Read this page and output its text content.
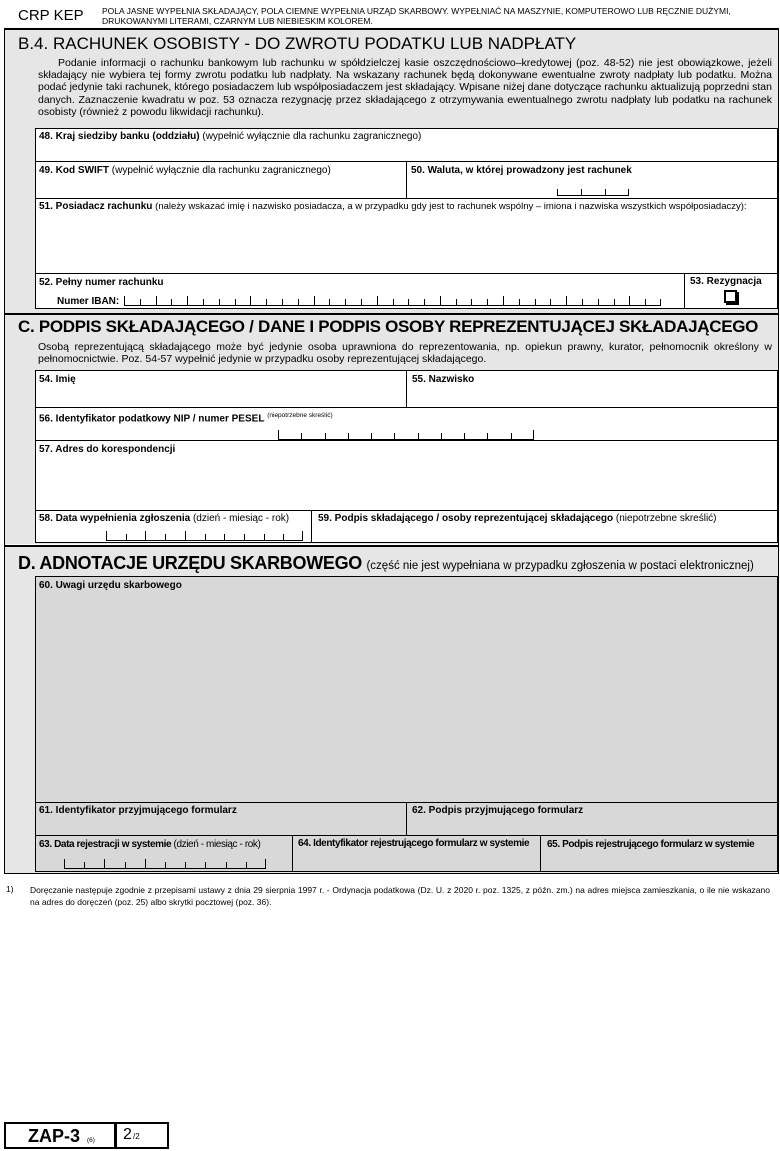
CRP KEP POLA JASNE WYPEŁNIA SKŁADAJĄCY, POLA CIEMNE WYPEŁNIA URZĄD SKARBOWY. WYPEŁNIAĆ NA MASZYNIE, KOMPUTEROWO LUB RĘCZNIE DUŻYMI, DRUKOWANYMI LITERAMI, CZARNYM LUB NIEBIESKIM KOLOREM.
B.4. RACHUNEK OSOBISTY - DO ZWROTU PODATKU LUB NADPŁATY
Podanie informacji o rachunku bankowym lub rachunku w spółdzielczej kasie oszczędnościowo–kredytowej (poz. 48-52) nie jest obowiązkowe, jeżeli składający nie wybiera tej formy zwrotu podatku lub nadpłaty. Na wskazany rachunek będą dokonywane ewentualne zwroty nadpłaty lub podatku. Można podać jedynie taki rachunek, którego posiadaczem lub współposiadaczem jest składający. Wpisane niżej dane dotyczące rachunku aktualizują poprzedni stan danych. Zaznaczenie kwadratu w poz. 53 oznacza rezygnację przez składającego z otrzymywania ewentualnego zwrotu nadpłaty lub podatku na rachunek osobisty (również z powodu likwidacji rachunku).
48. Kraj siedziby banku (oddziału) (wypełnić wyłącznie dla rachunku zagranicznego)
49. Kod SWIFT (wypełnić wyłącznie dla rachunku zagranicznego)	50. Waluta, w której prowadzony jest rachunek
51. Posiadacz rachunku (należy wskazać imię i nazwisko posiadacza, a w przypadku gdy jest to rachunek wspólny – imiona i nazwiska wszystkich współposiadaczy):
52. Pełny numer rachunku
Numer IBAN:
53. Rezygnacja
C. PODPIS SKŁADAJĄCEGO / DANE I PODPIS OSOBY REPREZENTUJĄCEJ SKŁADAJĄCEGO
Osobą reprezentującą składającego może być jedynie osoba uprawniona do reprezentowania, np. opiekun prawny, kurator, pełnomocnik określony w pełnomocnictwie. Poz. 54-57 wypełnić jedynie w przypadku osoby reprezentującej składającego.
54. Imię	55. Nazwisko
56. Identyfikator podatkowy NIP / numer PESEL $^{(niepotrzebne skreślić)}$
57. Adres do korespondencji
58. Data wypełnienia zgłoszenia (dzień - miesiąc - rok)	59. Podpis składającego / osoby reprezentującej składającego (niepotrzebne skreślić)
D. ADNOTACJE URZĘDU SKARBOWEGO (część nie jest wypełniana w przypadku zgłoszenia w postaci elektronicznej)
60. Uwagi urzędu skarbowego
61. Identyfikator przyjmującego formularz	62. Podpis przyjmującego formularz
63. Data rejestracji w systemie (dzień - miesiąc - rok)	64. Identyfikator rejestrującego formularz w systemie 65. Podpis rejestrującego formularz w systemie
1) Doręczanie następuje zgodnie z przepisami ustawy z dnia 29 sierpnia 1997 r. - Ordynacja podatkowa (Dz. U. z 2020 r. poz. 1325, z późn. zm.) na adres miejsca zamieszkania, o ile nie wskazano na adres do doręczeń (poz. 25) albo skrytki pocztowej (poz. 36).
ZAP-3 (6) 2 /2
